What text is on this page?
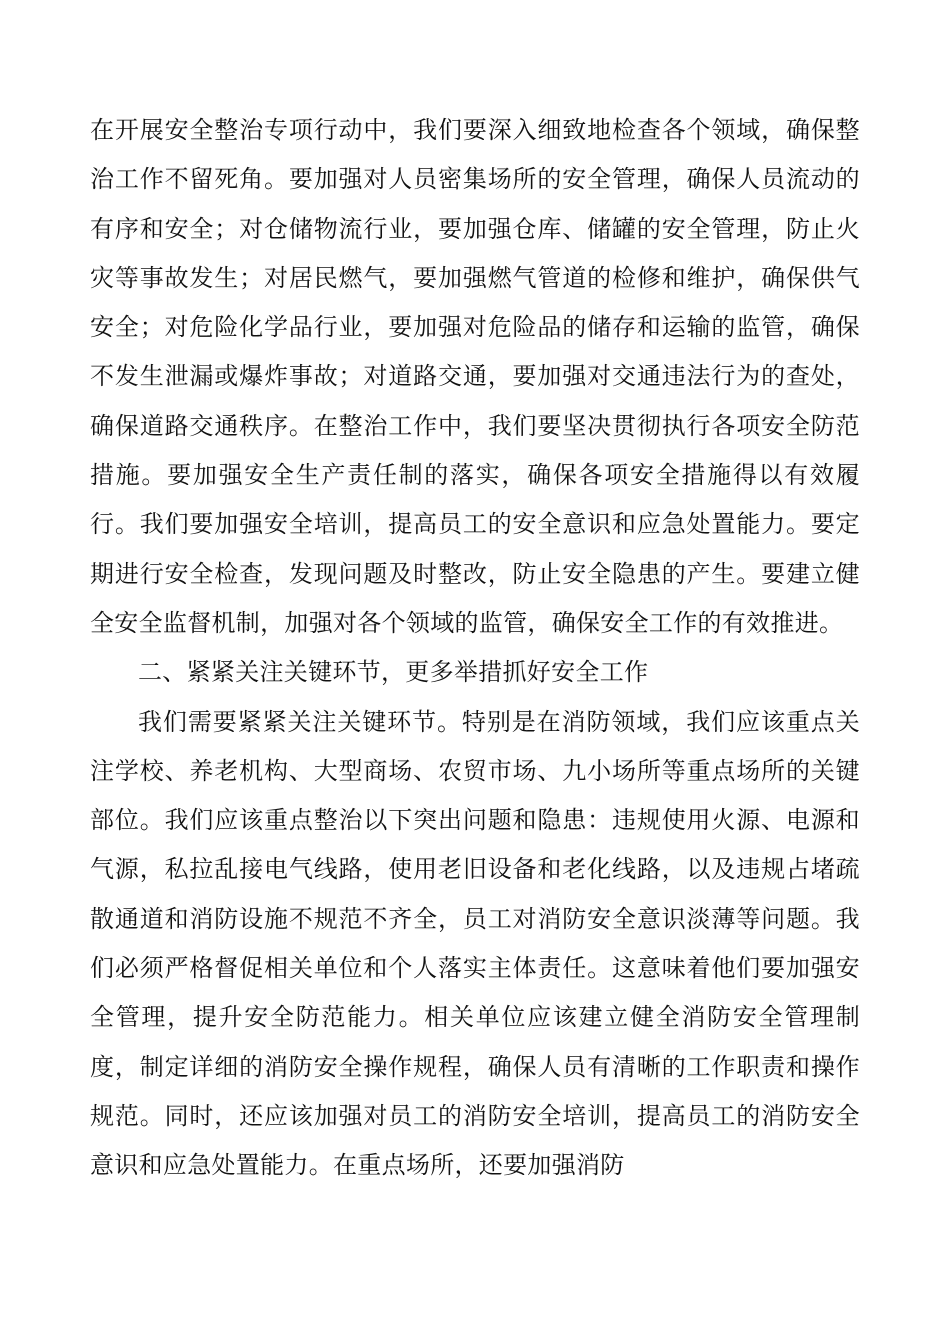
在开展安全整治专项行动中，我们要深入细致地检查各个领域，确保整治工作不留死角。要加强对人员密集场所的安全管理，确保人员流动的有序和安全；对仓储物流行业，要加强仓库、储罐的安全管理，防止火灾等事故发生；对居民燃气，要加强燃气管道的检修和维护，确保供气安全；对危险化学品行业，要加强对危险品的储存和运输的监管，确保不发生泄漏或爆炸事故；对道路交通，要加强对交通违法行为的查处，确保道路交通秩序。在整治工作中，我们要坚决贯彻执行各项安全防范措施。要加强安全生产责任制的落实，确保各项安全措施得以有效履行。我们要加强安全培训，提高员工的安全意识和应急处置能力。要定期进行安全检查，发现问题及时整改，防止安全隐患的产生。要建立健全安全监督机制，加强对各个领域的监管，确保安全工作的有效推进。

二、紧紧关注关键环节，更多举措抓好安全工作

我们需要紧紧关注关键环节。特别是在消防领域，我们应该重点关注学校、养老机构、大型商场、农贸市场、九小场所等重点场所的关键部位。我们应该重点整治以下突出问题和隐患：违规使用火源、电源和气源，私拉乱接电气线路，使用老旧设备和老化线路，以及违规占堵疏散通道和消防设施不规范不齐全，员工对消防安全意识淡薄等问题。我们必须严格督促相关单位和个人落实主体责任。这意味着他们要加强安全管理，提升安全防范能力。相关单位应该建立健全消防安全管理制度，制定详细的消防安全操作规程，确保人员有清晰的工作职责和操作规范。同时，还应该加强对员工的消防安全培训，提高员工的消防安全意识和应急处置能力。在重点场所，还要加强消防
